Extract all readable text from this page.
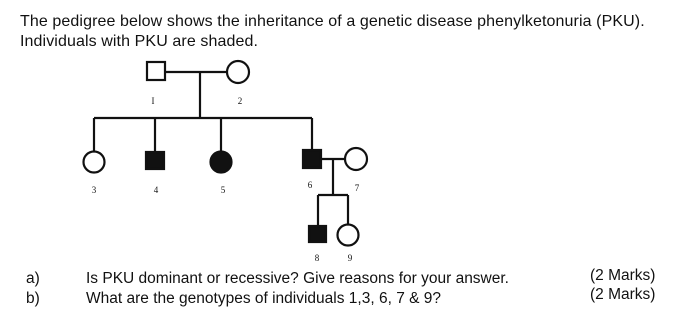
The pedigree below shows the inheritance of a genetic disease phenylketonuria (PKU).
Individuals with PKU are shaded.
I	2
3	4	5	6	7
8	9
a)	Is PKU dominant or recessive? Give reasons for your answer.	(2 Marks)
b)	What are the genotypes of individuals 1,3, 6, 7 & 9?	(2 Marks)
